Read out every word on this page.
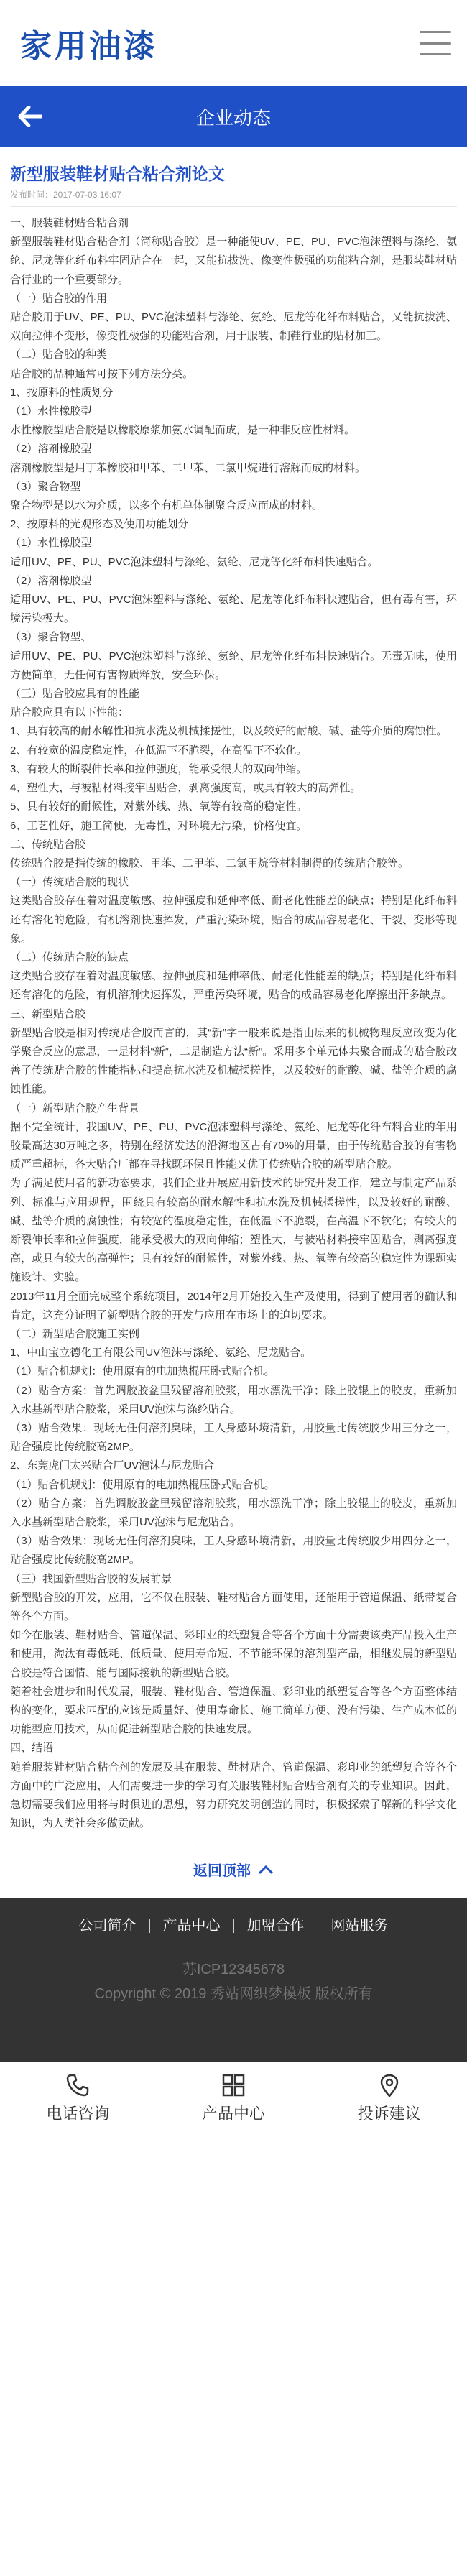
家用油漆
企业动态
新型服装鞋材贴合粘合剂论文
发布时间：2017-07-03 16:07

一、服装鞋材贴合粘合剂

新型服装鞋材贴合粘合剂（简称贴合胶）是一种能使UV、PE、PU、PVC泡沫塑料与涤纶、氨纶、尼龙等化纤布料牢固贴合在一起，又能抗拔洗、像变性极强的功能粘合剂，是服装鞋材贴合行业的一个重要部分。

（一）贴合胶的作用

贴合胶用于UV、PE、PU、PVC泡沫塑料与涤纶、氨纶、尼龙等化纤布料贴合，又能抗拔洗、双向拉伸不变形，像变性极强的功能粘合剂，用于服装、制鞋行业的贴材加工。

（二）贴合胶的种类

贴合胶的品种通常可按下列方法分类。

1、按原料的性质划分

（1）水性橡胶型

水性橡胶型贴合胶是以橡胶原浆加氨水调配而成，是一种非反应性材料。

（2）溶剂橡胶型

溶剂橡胶型是用丁苯橡胶和甲苯、二甲苯、二氯甲烷进行溶解而成的材料。

（3）聚合物型

聚合物型是以水为介质，以多个有机单体制聚合反应而成的材料。

2、按原料的光观形态及使用功能划分

（1）水性橡胶型

适用UV、PE、PU、PVC泡沫塑料与涤纶、氨纶、尼龙等化纤布料快速贴合。

（2）溶剂橡胶型

适用UV、PE、PU、PVC泡沫塑料与涤纶、氨纶、尼龙等化纤布料快速贴合，但有毒有害，环境污染极大。

（3）聚合物型、

适用UV、PE、PU、PVC泡沫塑料与涤纶、氨纶、尼龙等化纤布料快速贴合。无毒无味，使用方便简单，无任何有害物质释放，安全环保。

（三）贴合胶应具有的性能

贴合胶应具有以下性能：

1、具有较高的耐水解性和抗水洗及机械揉搓性，以及较好的耐酸、碱、盐等介质的腐蚀性。

2、有较宽的温度稳定性，在低温下不脆裂，在高温下不软化。

3、有较大的断裂伸长率和拉伸强度，能承受很大的双向伸缩。

4、塑性大，与被粘材料接牢固贴合，剥离强度高，或具有较大的高弹性。

5、具有较好的耐候性，对紫外线、热、氧等有较高的稳定性。

6、工艺性好，施工简便，无毒性，对环境无污染，价格便宜。

二、传统贴合胶

传统贴合胶是指传统的橡胶、甲苯、二甲苯、二氯甲烷等材料制得的传统贴合胶等。

（一）传统贴合胶的现状

这类贴合胶存在着对温度敏感、拉伸强度和延伸率低、耐老化性能差的缺点；特别是化纤布料还有溶化的危险，有机溶剂快速挥发，严重污染环境，贴合的成品容易老化、干裂、变形等现象。

（二）传统贴合胶的缺点

这类贴合胶存在着对温度敏感、拉伸强度和延伸率低、耐老化性能差的缺点；特别是化纤布料还有溶化的危险，有机溶剂快速挥发，严重污染环境，贴合的成品容易老化摩擦出汗多缺点。

三、新型贴合胶

新型贴合胶是相对传统贴合胶而言的，其“新”字一般来说是指由原来的机械物理反应改变为化学聚合反应的意思，一是材料“新”，二是制造方法“新”。采用多个单元体共聚合而成的贴合胶改善了传统贴合胶的性能指标和提高抗水洗及机械揉搓性，以及较好的耐酸、碱、盐等介质的腐蚀性能。

（一）新型贴合胶产生背景

据不完全统计，我国UV、PE、PU、PVC泡沫塑料与涤纶、氨纶、尼龙等化纤布料合业的年用胶量高达30万吨之多，特别在经济发达的沿海地区占有70%的用量，由于传统贴合胶的有害物质严重超标，各大贴合厂都在寻找既环保且性能又优于传统贴合胶的新型贴合胶。

为了满足使用者的新功态要求，我们企业开展应用新技术的研究开发工作，建立与制定产品系列、标准与应用规程，围绕具有较高的耐水解性和抗水洗及机械揉搓性，以及较好的耐酸、碱、盐等介质的腐蚀性；有较宽的温度稳定性，在低温下不脆裂，在高温下不软化；有较大的断裂伸长率和拉伸强度，能承受极大的双向伸缩；塑性大，与被粘材料接牢固贴合，剥离强度高，或具有较大的高弹性；具有较好的耐候性，对紫外线、热、氧等有较高的稳定性为课题实施设计、实验。

2013年11月全面完成整个系统项目，2014年2月开始投入生产及使用，得到了使用者的确认和肯定，这充分证明了新型贴合胶的开发与应用在市场上的迫切要求。

（二）新型贴合胶施工实例

1、中山宝立德化工有限公司UV泡沫与涤纶、氨纶、尼龙贴合。

（1）贴合机规划：使用原有的电加热棍压卧式贴合机。

（2）贴合方案：首先调胶胶盆里残留溶剂胶浆，用水漂洗干净；除上胶辊上的胶皮，重新加入水基新型贴合胶浆，采用UV泡沫与涤纶贴合。

（3）贴合效果：现场无任何溶剂臭味，工人身感环境清新，用胶量比传统胶少用三分之一，贴合强度比传统胶高2MP。

2、东莞虎门太兴贴合厂UV泡沫与尼龙贴合

（1）贴合机规划：使用原有的电加热棍压卧式贴合机。

（2）贴合方案：首先调胶胶盆里残留溶剂胶浆，用水漂洗干净；除上胶辊上的胶皮，重新加入水基新型贴合胶浆，采用UV泡沫与尼龙贴合。

（3）贴合效果：现场无任何溶剂臭味，工人身感环境清新，用胶量比传统胶少用四分之一，贴合强度比传统胶高2MP。

（三）我国新型贴合胶的发展前景

新型贴合胶的开发，应用，它不仅在服装、鞋材贴合方面使用，还能用于管道保温、纸带复合等各个方面。

如今在服装、鞋材贴合、管道保温、彩印业的纸塑复合等各个方面十分需要该类产品投入生产和使用，淘汰有毒低耗、低质量、使用寿命短、不节能环保的溶剂型产品，相继发展的新型贴合胶是符合国情、能与国际接轨的新型贴合胶。

随着社会进步和时代发展，服装、鞋材贴合、管道保温、彩印业的纸塑复合等各个方面整体结构的变化，要求匹配的应该是质量好、使用寿命长、施工简单方便、没有污染、生产成本低的功能型应用技术，从而促进新型贴合胶的快速发展。

四、结语

随着服装鞋材贴合粘合剂的发展及其在服装、鞋材贴合、管道保温、彩印业的纸塑复合等各个方面中的广泛应用，人们需要进一步的学习有关服装鞋材贴合贴合剂有关的专业知识。因此，急切需要我们应用将与时俱进的思想，努力研究发明创造的同时，积极探索了解新的科学文化知识，为人类社会多做贡献。

返回顶部
公司简介	产品中心	加盟合作	网站服务
苏ICP12345678
Copyright © 2019 秀站网织梦模板 版权所有
电话咨询	产品中心	投诉建议
